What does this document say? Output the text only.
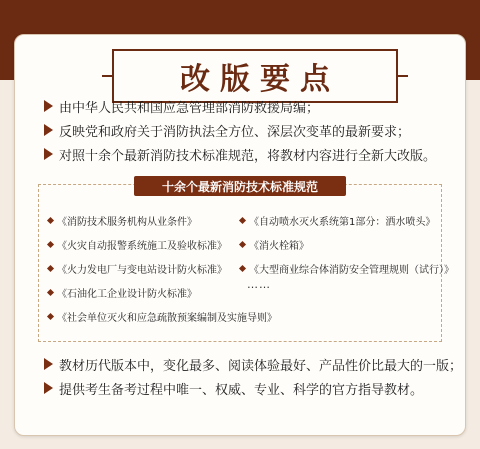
改版要点
由中华人民共和国应急管理部消防救援局编；
反映党和政府关于消防执法全方位、深层次变革的最新要求；
对照十余个最新消防技术标准规范，将教材内容进行全新大改版。
十余个最新消防技术标准规范
《消防技术服务机构从业条件》
《火灾自动报警系统施工及验收标准》
《火力发电厂与变电站设计防火标准》
《石油化工企业设计防火标准》
《社会单位灭火和应急疏散预案编制及实施导则》
《自动喷水灭火系统第1部分：洒水喷头》
《消火栓箱》
《大型商业综合体消防安全管理规则（试行）》
……
教材历代版本中，变化最多、阅读体验最好、产品性价比最大的一版；
提供考生备考过程中唯一、权威、专业、科学的官方指导教材。
